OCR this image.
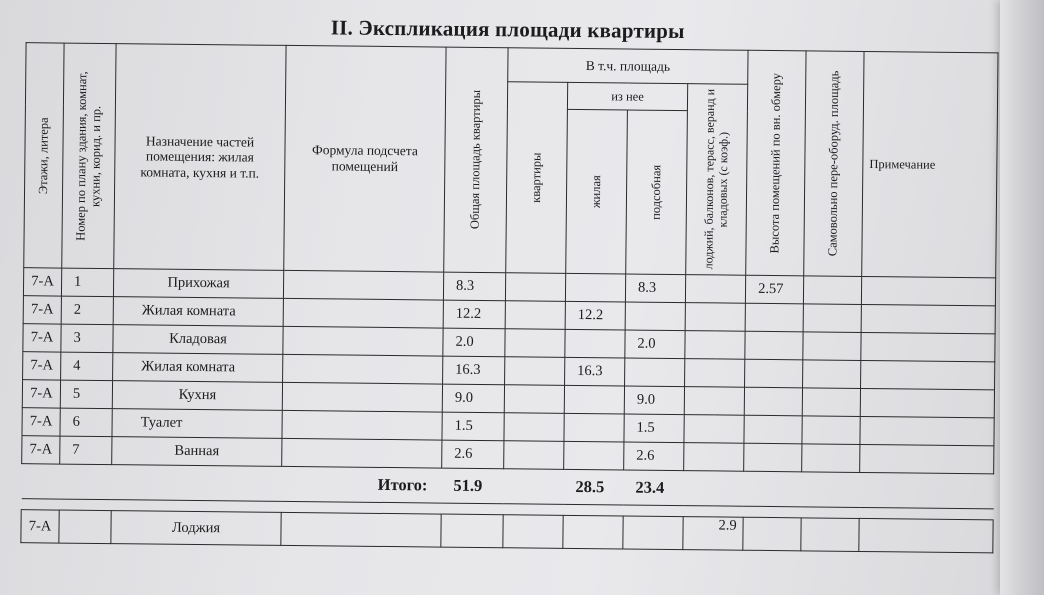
II. Экспликация площади квартиры
Этажи, литера	Номер по плану здания, комнат, кухни, корид. и пр.	Назначение частей помещения: жилая комната, кухня и т.п.	Формула подсчета помещений	Общая площадь квартиры	В т.ч. площадь				Высота помещений по вн. обмеру	Самовольно пере-оборуд. площадь	Примечание

					квартиры	из нее		лоджий, балконов, терасс, веранд и кладовых (с коэф.)			

						жилая	подсобная				

7-А	1	Прихожая		8.3			8.3		2.57		
7-А	2	Жилая комната		12.2		12.2					
7-А	3	Кладовая		2.0			2.0				
7-А	4	Жилая комната		16.3		16.3					
7-А	5	Кухня		9.0			9.0				
7-А	6	Туалет		1.5			1.5				
7-А	7	Ванная		2.6			2.6				
			Итого:	51.9		28.5	23.4				

7-А		Лоджия						2.9			
